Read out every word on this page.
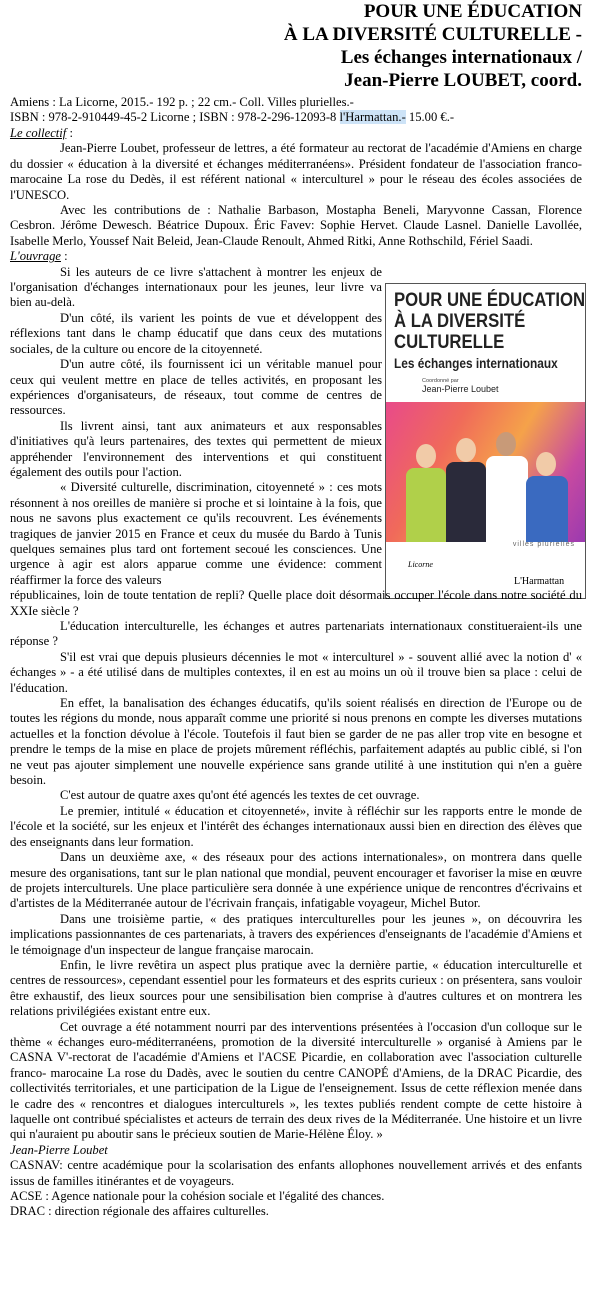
POUR UNE ÉDUCATION
À LA DIVERSITÉ CULTURELLE -
Les échanges internationaux /
Jean-Pierre LOUBET, coord.
Amiens : La Licorne, 2015.- 192 p. ; 22 cm.- Coll. Villes plurielles.-
ISBN : 978-2-910449-45-2 Licorne ; ISBN : 978-2-296-12093-8 l'Harmattan.- 15.00 €.-
POUR UNE ÉDUCATION
À LA DIVERSITÉ
CULTURELLE
Les échanges internationaux
Coordonné par
Jean-Pierre Loubet
villes plurielles
Licorne
L'Harmattan

Le collectif :

Jean-Pierre Loubet, professeur de lettres, a été formateur au rectorat de l'académie d'Amiens en charge du dossier « éducation à la diversité et échanges méditerranéens». Président fondateur de l'association franco-marocaine La rose du Dedès, il est référent national « interculturel » pour le réseau des écoles associées de l'UNESCO.

Avec les contributions de : Nathalie Barbason, Mostapha Beneli, Maryvonne Cassan, Florence Cesbron. Jérôme Dewesch. Béatrice Dupoux. Éric Favev: Sophie Hervet. Claude Lasnel. Danielle Lavollée, Isabelle Merlo, Youssef Nait Beleid, Jean-Claude Renoult, Ahmed Ritki, Anne Rothschild, Fériel Saadi.

L'ouvrage :

Si les auteurs de ce livre s'attachent à montrer les enjeux de l'organisation d'échanges internationaux pour les jeunes, leur livre va bien au-delà.

D'un côté, ils varient les points de vue et développent des réflexions tant dans le champ éducatif que dans ceux des mutations sociales, de la culture ou encore de la citoyenneté.

D'un autre côté, ils fournissent ici un véritable manuel pour ceux qui veulent mettre en place de telles activités, en proposant les expériences d'organisateurs, de réseaux, tout comme de centres de ressources.

Ils livrent ainsi, tant aux animateurs et aux responsables d'initiatives qu'à leurs partenaires, des textes qui permettent de mieux appréhender l'environnement des interventions et qui constituent également des outils pour l'action.

« Diversité culturelle, discrimination, citoyenneté » : ces mots résonnent à nos oreilles de manière si proche et si lointaine à la fois, que nous ne savons plus exactement ce qu'ils recouvrent. Les événements tragiques de janvier 2015 en France et ceux du musée du Bardo à Tunis quelques semaines plus tard ont fortement secoué les consciences. Une urgence à agir est alors apparue comme une évidence: comment réaffirmer la force des valeurs

républicaines, loin de toute tentation de repli? Quelle place doit désormais occuper l'école dans notre société du XXIe siècle ?

L'éducation interculturelle, les échanges et autres partenariats internationaux constitueraient-ils une réponse ?

S'il est vrai que depuis plusieurs décennies le mot « interculturel » - souvent allié avec la notion d' « échanges » - a été utilisé dans de multiples contextes, il en est au moins un où il trouve bien sa place : celui de l'éducation.

En effet, la banalisation des échanges éducatifs, qu'ils soient réalisés en direction de l'Europe ou de toutes les régions du monde, nous apparaît comme une priorité si nous prenons en compte les diverses mutations actuelles et la fonction dévolue à l'école. Toutefois il faut bien se garder de ne pas aller trop vite en besogne et prendre le temps de la mise en place de projets mûrement réfléchis, parfaitement adaptés au public ciblé, si l'on ne veut pas ajouter simplement une nouvelle expérience sans grande utilité à une institution qui n'en a guère besoin.

C'est autour de quatre axes qu'ont été agencés les textes de cet ouvrage.

Le premier, intitulé « éducation et citoyenneté», invite à réfléchir sur les rapports entre le monde de l'école et la société, sur les enjeux et l'intérêt des échanges internationaux aussi bien en direction des élèves que des enseignants dans leur formation.

Dans un deuxième axe, « des réseaux pour des actions internationales», on montrera dans quelle mesure des organisations, tant sur le plan national que mondial, peuvent encourager et favoriser la mise en œuvre de projets interculturels. Une place particulière sera donnée à une expérience unique de rencontres d'écrivains et d'artistes de la Méditerranée autour de l'écrivain français, infatigable voyageur, Michel Butor.

Dans une troisième partie, « des pratiques interculturelles pour les jeunes », on découvrira les implications passionnantes de ces partenariats, à travers des expériences d'enseignants de l'académie d'Amiens et le témoignage d'un inspecteur de langue française marocain.

Enfin, le livre revêtira un aspect plus pratique avec la dernière partie, « éducation interculturelle et centres de ressources», cependant essentiel pour les formateurs et des esprits curieux : on présentera, sans vouloir être exhaustif, des lieux sources pour une sensibilisation bien comprise à d'autres cultures et on montrera les relations privilégiées existant entre eux.

Cet ouvrage a été notamment nourri par des interventions présentées à l'occasion d'un colloque sur le thème « échanges euro-méditerranéens, promotion de la diversité interculturelle » organisé à Amiens par le CASNA V'-rectorat de l'académie d'Amiens et l'ACSE Picardie, en collaboration avec l'association culturelle franco- marocaine La rose du Dadès, avec le soutien du centre CANOPÉ d'Amiens, de la DRAC Picardie, des collectivités territoriales, et une participation de la Ligue de l'enseignement. Issus de cette réflexion menée dans le cadre des « rencontres et dialogues interculturels », les textes publiés rendent compte de cette histoire à laquelle ont contribué spécialistes et acteurs de terrain des deux rives de la Méditerranée. Une histoire et un livre qui n'auraient pu aboutir sans le précieux soutien de Marie-Hélène Éloy. »

Jean-Pierre Loubet

CASNAV: centre académique pour la scolarisation des enfants allophones nouvellement arrivés et des enfants issus de familles itinérantes et de voyageurs.

ACSE : Agence nationale pour la cohésion sociale et l'égalité des chances.

DRAC : direction régionale des affaires culturelles.
